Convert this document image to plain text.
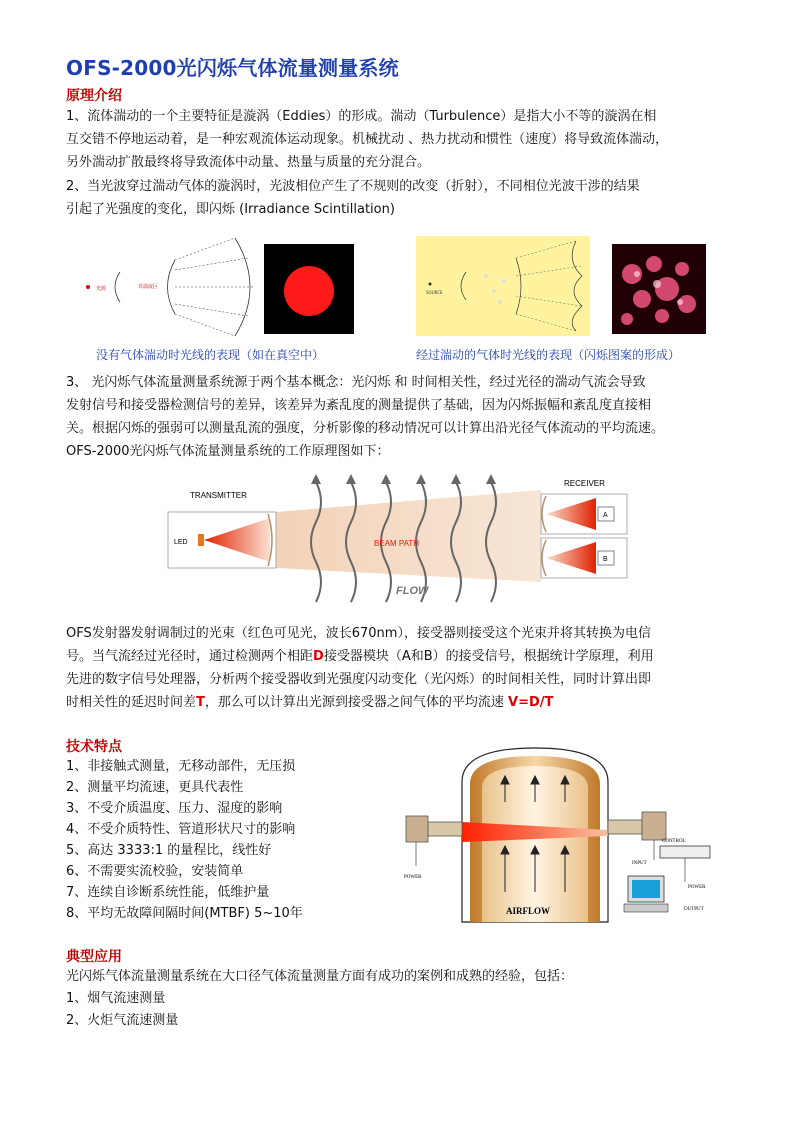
OFS-2000光闪烁气体流量测量系统
原理介绍
1、流体湍动的一个主要特征是漩涡（Eddies）的形成。湍动（Turbulence）是指大小不等的漩涡在相
互交错不停地运动着，是一种宏观流体运动现象。机械扰动 、热力扰动和惯性（速度）将导致流体湍动，
另外湍动扩散最终将导致流体中动量、热量与质量的充分混合。
2、当光波穿过湍动气体的漩涡时，光波相位产生了不规则的改变（折射），不同相位光波干涉的结果
引起了光强度的变化，即闪烁 (Irradiance Scintillation)
光源	非湍流区
SOURCE
没有气体湍动时光线的表现（如在真空中）	经过湍动的气体时光线的表现（闪烁图案的形成）
3、 光闪烁气体流量测量系统源于两个基本概念：光闪烁 和 时间相关性，经过光径的湍动气流会导致
发射信号和接受器检测信号的差异，该差异为紊乱度的测量提供了基础，因为闪烁振幅和紊乱度直接相
关。根据闪烁的强弱可以测量乱流的强度，分析影像的移动情况可以计算出沿光径气体流动的平均流速。
OFS-2000光闪烁气体流量测量系统的工作原理图如下：
TRANSMITTER
RECEIVER
LED	BEAM PATH
FLOW
A
B
OFS发射器发射调制过的光束（红色可见光，波长670nm），接受器则接受这个光束并将其转换为电信
号。当气流经过光径时，通过检测两个相距D接受器模块（A和B）的接受信号，根据统计学原理，利用
先进的数字信号处理器，分析两个接受器收到光强度闪动变化（光闪烁）的时间相关性，同时计算出即
时相关性的延迟时间差T，那么可以计算出光源到接受器之间气体的平均流速 V=D/T
技术特点
1、非接触式测量，无移动部件，无压损
2、测量平均流速，更具代表性
3、不受介质温度、压力、湿度的影响
4、不受介质特性、管道形状尺寸的影响
5、高达 3333:1 的量程比，线性好
6、不需要实流校验，安装简单
7、连续自诊断系统性能，低维护量
8、平均无故障间隔时间(MTBF) 5~10年	AIRFLOW
POWER
CONTROL
INPUT
POWER
OUTPUT
典型应用
光闪烁气体流量测量系统在大口径气体流量测量方面有成功的案例和成熟的经验，包括：
1、烟气流速测量
2、火炬气流速测量
